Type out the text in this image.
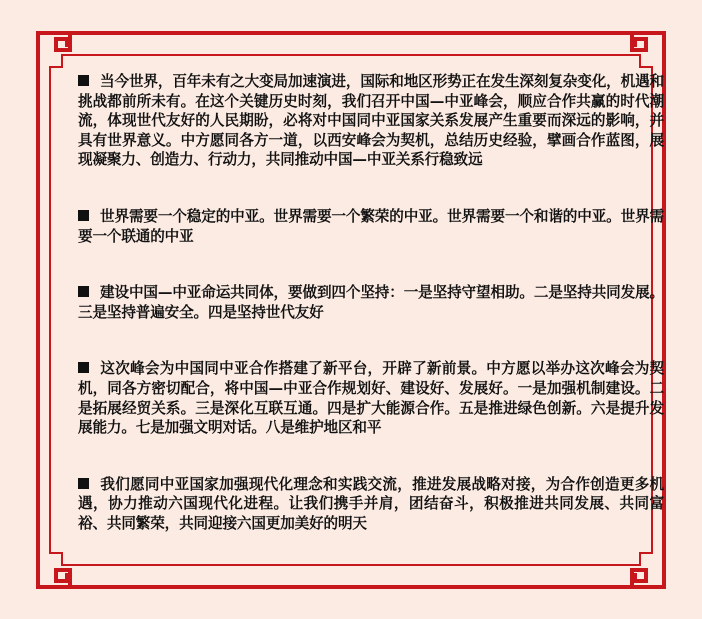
当今世界，百年未有之大变局加速演进，国际和地区形势正在发生深刻复杂变化，机遇和挑战都前所未有。在这个关键历史时刻，我们召开中国—中亚峰会，顺应合作共赢的时代潮流，体现世代友好的人民期盼，必将对中国同中亚国家关系发展产生重要而深远的影响，并具有世界意义。中方愿同各方一道，以西安峰会为契机，总结历史经验，擘画合作蓝图，展现凝聚力、创造力、行动力，共同推动中国—中亚关系行稳致远

世界需要一个稳定的中亚。世界需要一个繁荣的中亚。世界需要一个和谐的中亚。世界需要一个联通的中亚

建设中国—中亚命运共同体，要做到四个坚持：一是坚持守望相助。二是坚持共同发展。三是坚持普遍安全。四是坚持世代友好

这次峰会为中国同中亚合作搭建了新平台，开辟了新前景。中方愿以举办这次峰会为契机，同各方密切配合，将中国—中亚合作规划好、建设好、发展好。一是加强机制建设。二是拓展经贸关系。三是深化互联互通。四是扩大能源合作。五是推进绿色创新。六是提升发展能力。七是加强文明对话。八是维护地区和平

我们愿同中亚国家加强现代化理念和实践交流，推进发展战略对接，为合作创造更多机遇，协力推动六国现代化进程。让我们携手并肩，团结奋斗，积极推进共同发展、共同富裕、共同繁荣，共同迎接六国更加美好的明天
